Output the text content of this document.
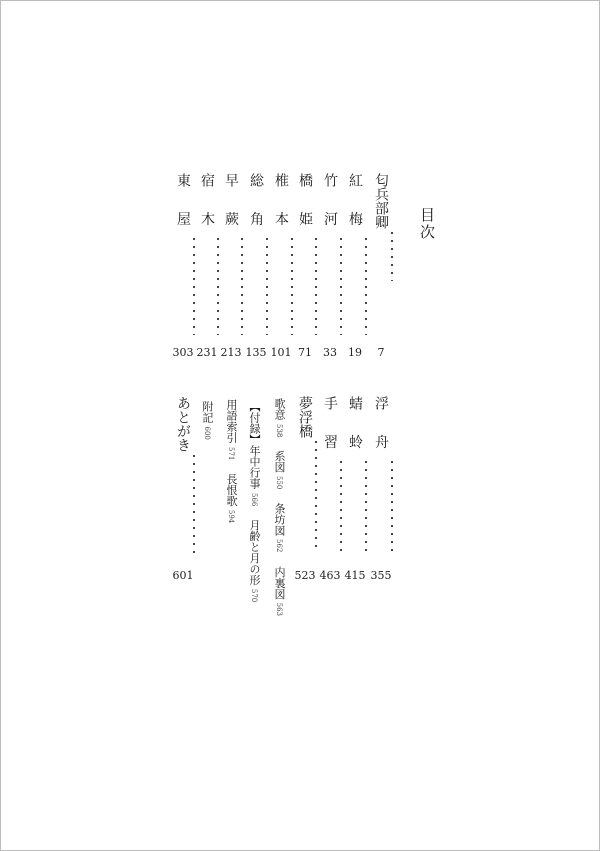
目次
匂兵部卿
7
紅 梅
19
竹 河
33
橋 姫
71
椎 本
101
総 角
135
早 蕨
213
宿 木
231
東 屋
303
浮 舟
355
蜻 蛉
415
手 習
463
夢浮橋
523
歌意 538 系図 550 条坊図 562 内裏図 563
【付録】年中行事 566 月齢と月の形 570
用語索引 571 長恨歌 594
附記 600
あとがき
601
